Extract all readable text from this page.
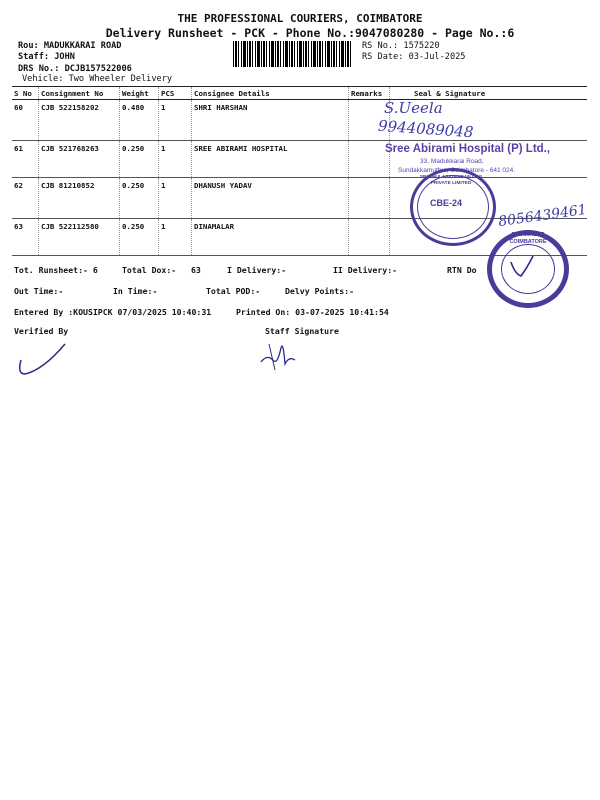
THE PROFESSIONAL COURIERS, COIMBATORE
Delivery Runsheet - PCK - Phone No.:9047080280 - Page No.:6
Rou: MADUKKARAI ROAD
Staff: JOHN
DRS No.: DCJB157522006
Vehicle: Two Wheeler Delivery
RS No.: 1575220
RS Date: 03-Jul-2025
S No	Consignment No	Weight	PCS	Consignee Details	Remarks	Seal & Signature
60	CJB 522158202	0.480	1	SHRI HARSHAN		
61	CJB 521768263	0.250	1	SREE ABIRAMI HOSPITAL		
62	CJB 81210852	0.250	1	DHANUSH YADAV		
63	CJB 522112580	0.250	1	DINAMALAR		
S.Ueela
9944089048
8056439461
Sree Abirami Hospital (P) Ltd.,
33, Madukkarai Road,
Sundakkamuthur, Coimbatore - 641 024.
SRI THULASIDHARAN CRS PRIVATE LIMITED
CBE-24
DINAMALAR COIMBATORE
Tot. Runsheet:- 6	Total Dox:- 63	I Delivery:-	II Delivery:-	RTN Do
Out Time:-	In Time:-	Total POD:-	Delvy Points:-
Entered By :KOUSIPCK 07/03/2025 10:40:31	Printed On: 03-07-2025 10:41:54
Verified By	Staff Signature
